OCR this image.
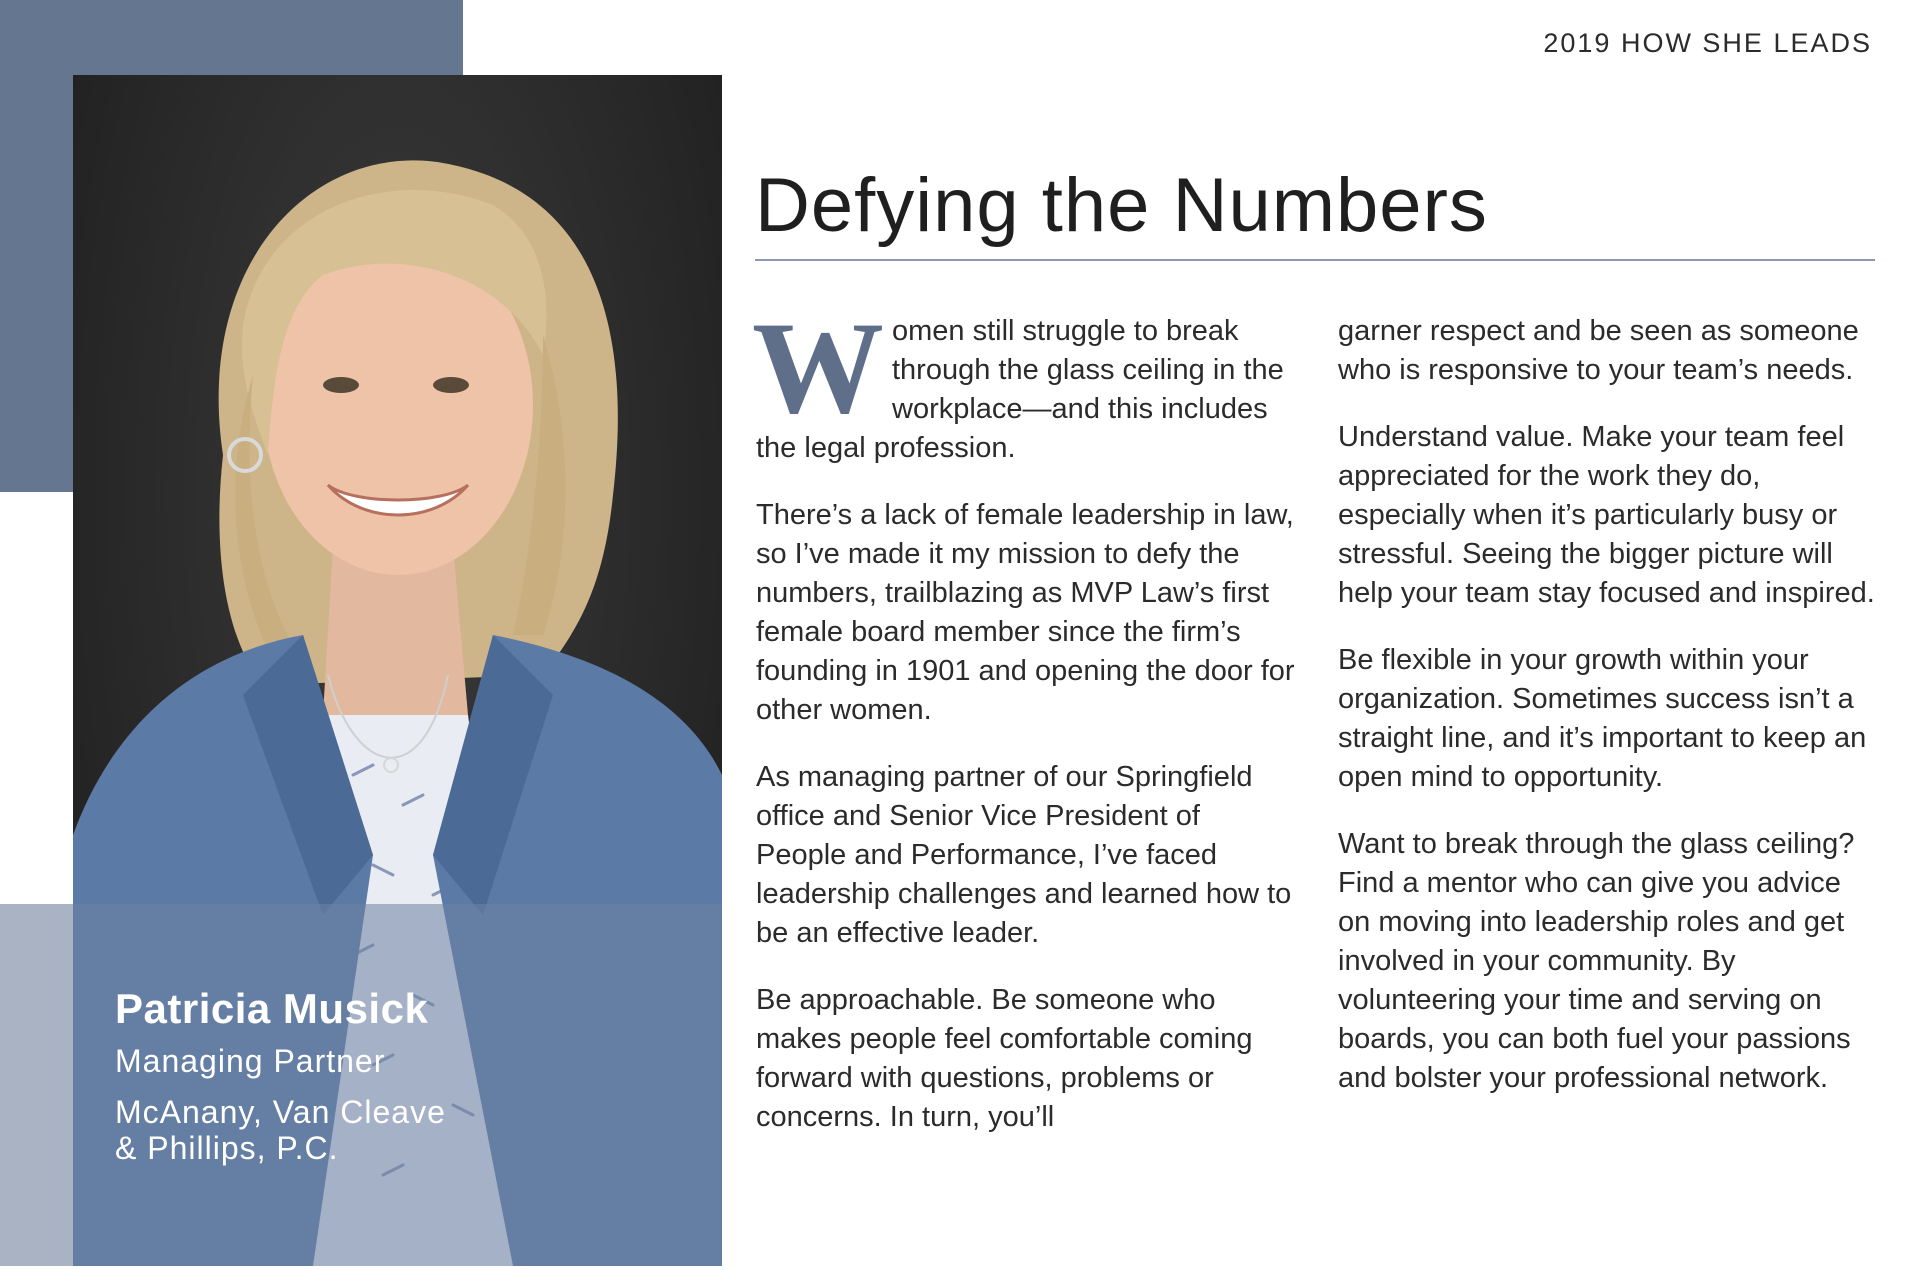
Patricia Musick
Managing Partner
McAnany, Van Cleave
& Phillips, P.C.
2019 HOW SHE LEADS
Defying the Numbers

Women still struggle to break through the glass ceiling in the workplace—and this includes the legal profession.

There’s a lack of female leadership in law, so I’ve made it my mission to defy the numbers, trailblazing as MVP Law’s first female board member since the firm’s founding in 1901 and opening the door for other women.

As managing partner of our Springfield office and Senior Vice President of People and Performance, I’ve faced leadership challenges and learned how to be an effective leader.

Be approachable. Be someone who makes people feel comfortable coming forward with questions, problems or concerns. In turn, you’ll

garner respect and be seen as someone who is responsive to your team’s needs.

Understand value. Make your team feel appreciated for the work they do, especially when it’s particularly busy or stressful. Seeing the bigger picture will help your team stay focused and inspired.

Be flexible in your growth within your organization. Sometimes success isn’t a straight line, and it’s important to keep an open mind to opportunity.

Want to break through the glass ceiling? Find a mentor who can give you advice on moving into leadership roles and get involved in your community. By volunteering your time and serving on boards, you can both fuel your passions and bolster your professional network.
